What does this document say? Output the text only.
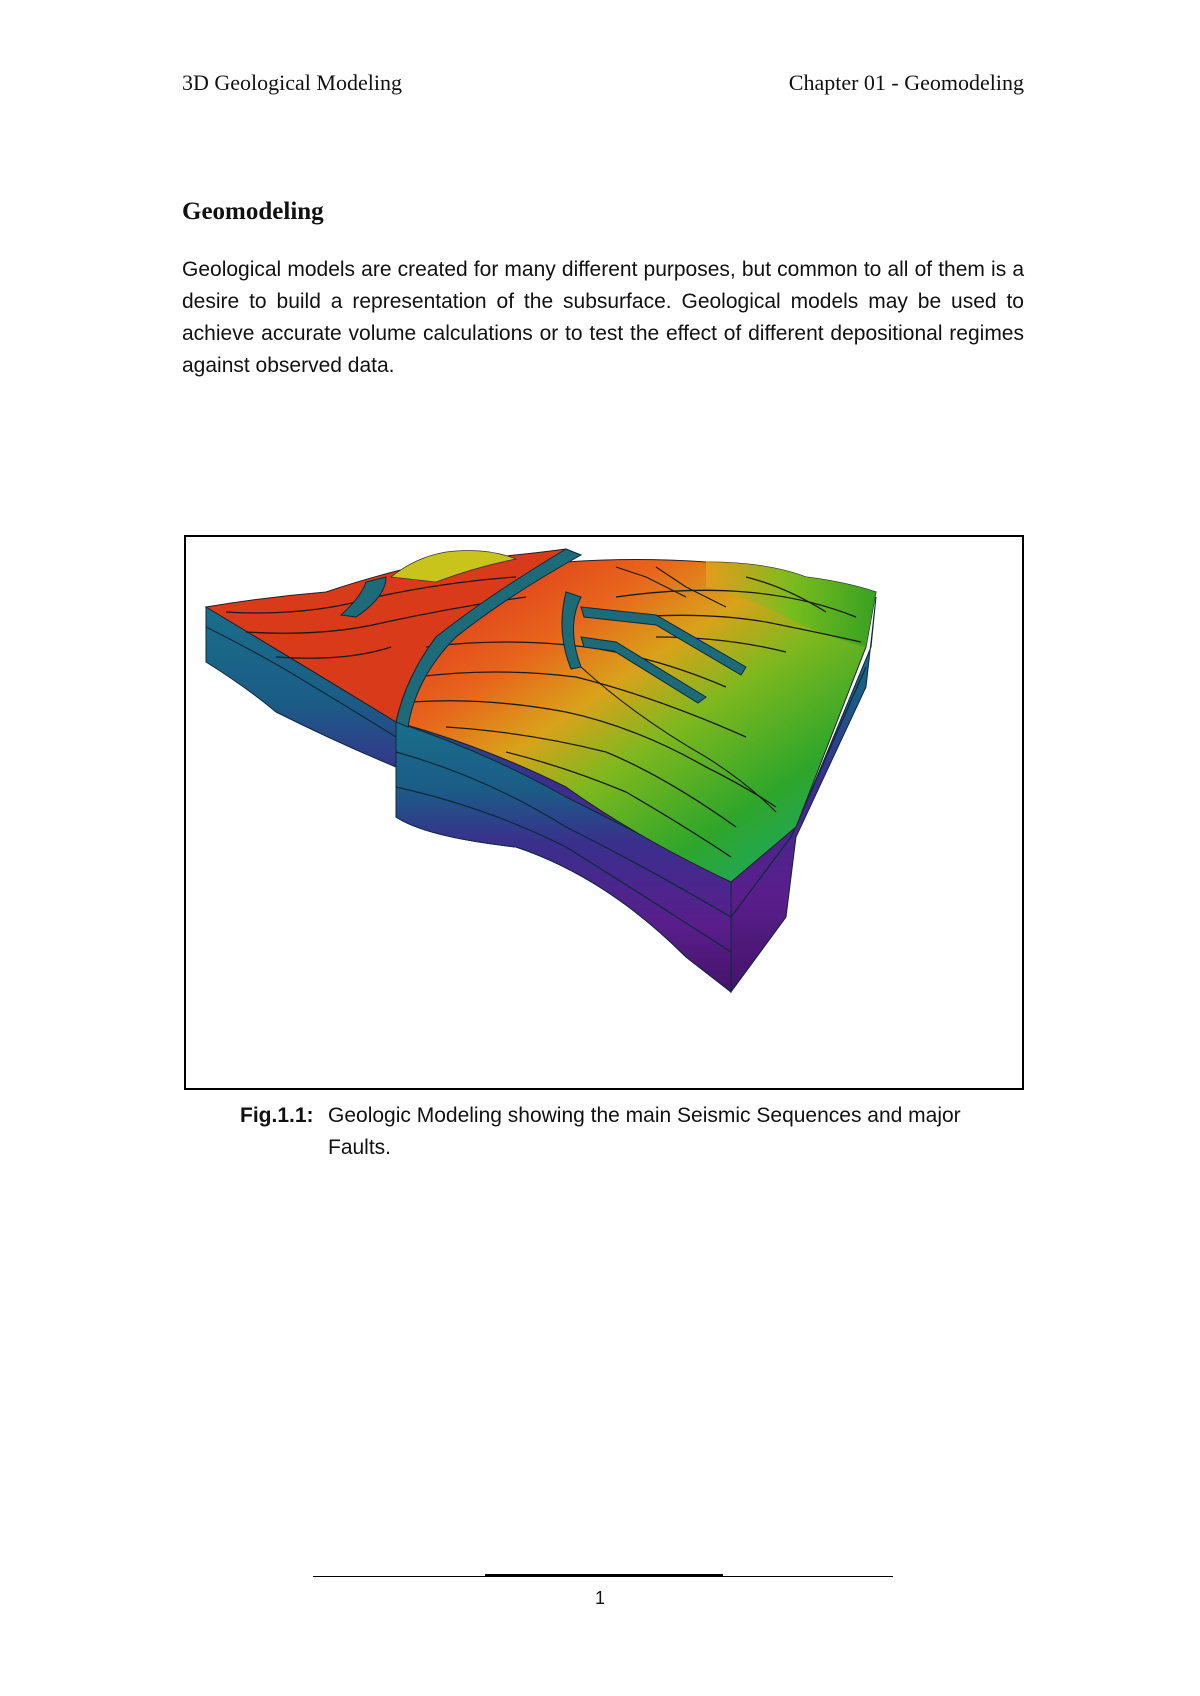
3D Geological Modeling	Chapter 01 - Geomodeling
Geomodeling
Geological models are created for many different purposes, but common to all of them is a desire to build a representation of the subsurface. Geological models may be used to achieve accurate volume calculations or to test the effect of different depositional regimes against observed data.
Fig.1.1: Geologic Modeling showing the main Seismic Sequences and major
Faults.
1
